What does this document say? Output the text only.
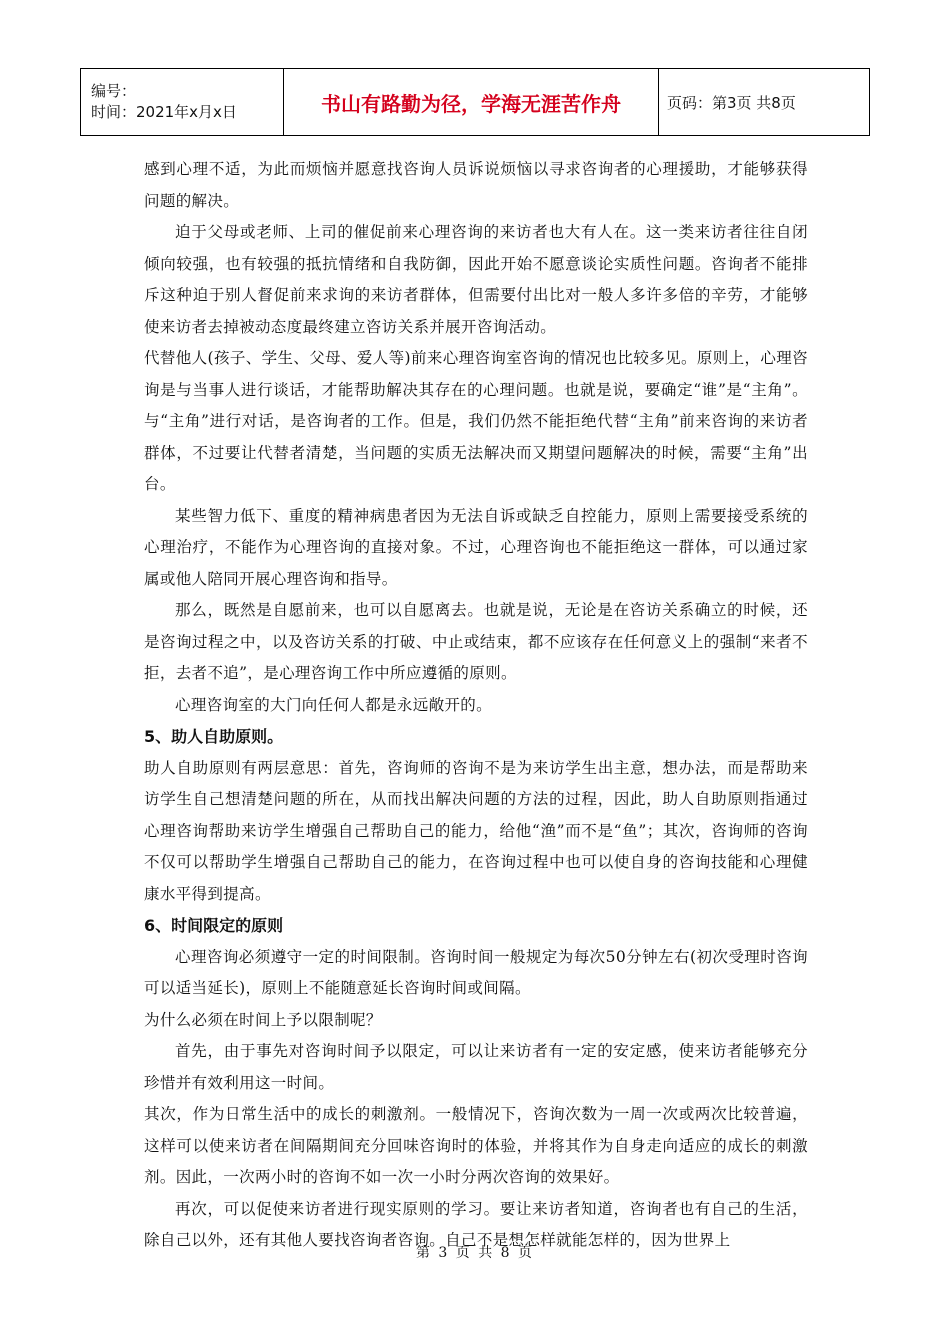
编号：
时间：2021年x月x日	书山有路勤为径，学海无涯苦作舟	页码：第3页 共8页

感到心理不适，为此而烦恼并愿意找咨询人员诉说烦恼以寻求咨询者的心理援助，才能够获得问题的解决。

迫于父母或老师、上司的催促前来心理咨询的来访者也大有人在。这一类来访者往往自闭倾向较强，也有较强的抵抗情绪和自我防御，因此开始不愿意谈论实质性问题。咨询者不能排斥这种迫于别人督促前来求询的来访者群体，但需要付出比对一般人多许多倍的辛劳，才能够使来访者去掉被动态度最终建立咨访关系并展开咨询活动。

代替他人(孩子、学生、父母、爱人等)前来心理咨询室咨询的情况也比较多见。原则上，心理咨询是与当事人进行谈话，才能帮助解决其存在的心理问题。也就是说，要确定“谁”是“主角”。与“主角”进行对话，是咨询者的工作。但是，我们仍然不能拒绝代替“主角”前来咨询的来访者群体，不过要让代替者清楚，当问题的实质无法解决而又期望问题解决的时候，需要“主角”出台。

某些智力低下、重度的精神病患者因为无法自诉或缺乏自控能力，原则上需要接受系统的心理治疗，不能作为心理咨询的直接对象。不过，心理咨询也不能拒绝这一群体，可以通过家属或他人陪同开展心理咨询和指导。

那么，既然是自愿前来，也可以自愿离去。也就是说，无论是在咨访关系确立的时候，还是咨询过程之中，以及咨访关系的打破、中止或结束，都不应该存在任何意义上的强制“来者不拒，去者不追”，是心理咨询工作中所应遵循的原则。

心理咨询室的大门向任何人都是永远敞开的。

5、助人自助原则。

助人自助原则有两层意思：首先，咨询师的咨询不是为来访学生出主意，想办法，而是帮助来访学生自己想清楚问题的所在，从而找出解决问题的方法的过程，因此，助人自助原则指通过心理咨询帮助来访学生增强自己帮助自己的能力，给他“渔”而不是“鱼”；其次，咨询师的咨询不仅可以帮助学生增强自己帮助自己的能力，在咨询过程中也可以使自身的咨询技能和心理健康水平得到提高。

6、时间限定的原则

心理咨询必须遵守一定的时间限制。咨询时间一般规定为每次50分钟左右(初次受理时咨询可以适当延长)，原则上不能随意延长咨询时间或间隔。

为什么必须在时间上予以限制呢？

首先，由于事先对咨询时间予以限定，可以让来访者有一定的安定感，使来访者能够充分珍惜并有效利用这一时间。

其次，作为日常生活中的成长的刺激剂。一般情况下，咨询次数为一周一次或两次比较普遍，这样可以使来访者在间隔期间充分回味咨询时的体验，并将其作为自身走向适应的成长的刺激剂。因此，一次两小时的咨询不如一次一小时分两次咨询的效果好。

再次，可以促使来访者进行现实原则的学习。要让来访者知道，咨询者也有自己的生活，除自己以外，还有其他人要找咨询者咨询。自己不是想怎样就能怎样的，因为世界上

第 3 页 共 8 页
